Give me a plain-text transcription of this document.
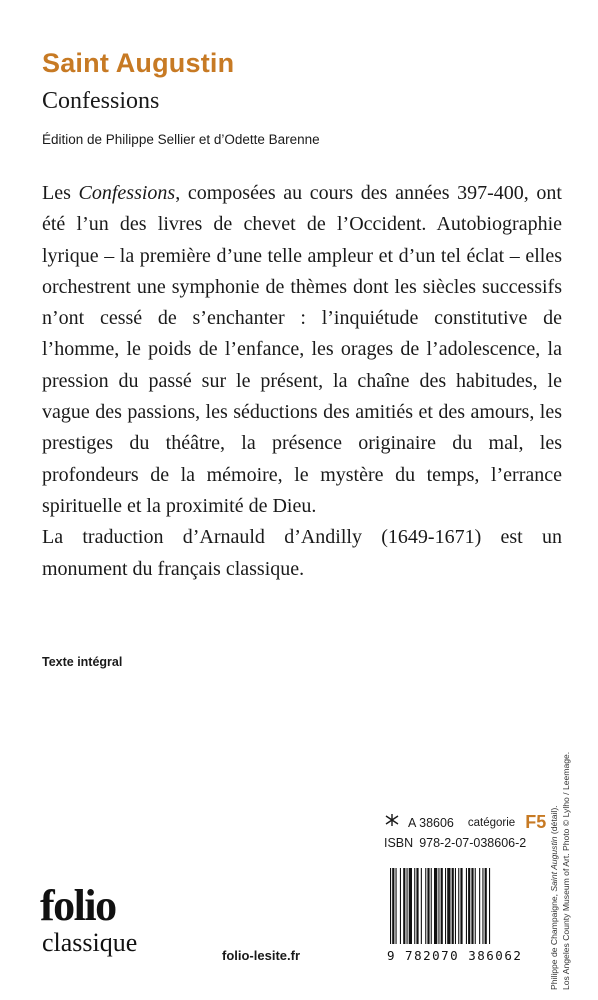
Saint Augustin
Confessions
Édition de Philippe Sellier et d’Odette Barenne

Les Confessions, composées au cours des années 397-400, ont été l’un des livres de chevet de l’Occident. Autobiographie lyrique – la première d’une telle ampleur et d’un tel éclat – elles orchestrent une symphonie de thèmes dont les siècles successifs n’ont cessé de s’enchanter : l’inquiétude constitutive de l’homme, le poids de l’enfance, les orages de l’adolescence, la pression du passé sur le présent, la chaîne des habitudes, le vague des passions, les séductions des amitiés et des amours, les prestiges du théâtre, la présence originaire du mal, les profondeurs de la mémoire, le mystère du temps, l’errance spirituelle et la proximité de Dieu.

La traduction d’Arnauld d’Andilly (1649-1671) est un monument du français classique.

Texte intégral
folio
classique	folio-lesite.fr
A 38606 catégorie F5
ISBN 978-2-07-038606-2
9 782070 386062	Philippe de Champaigne, Saint Augustin (détail). Los Angeles County Museum of Art. Photo © Lylho / Leemage.
